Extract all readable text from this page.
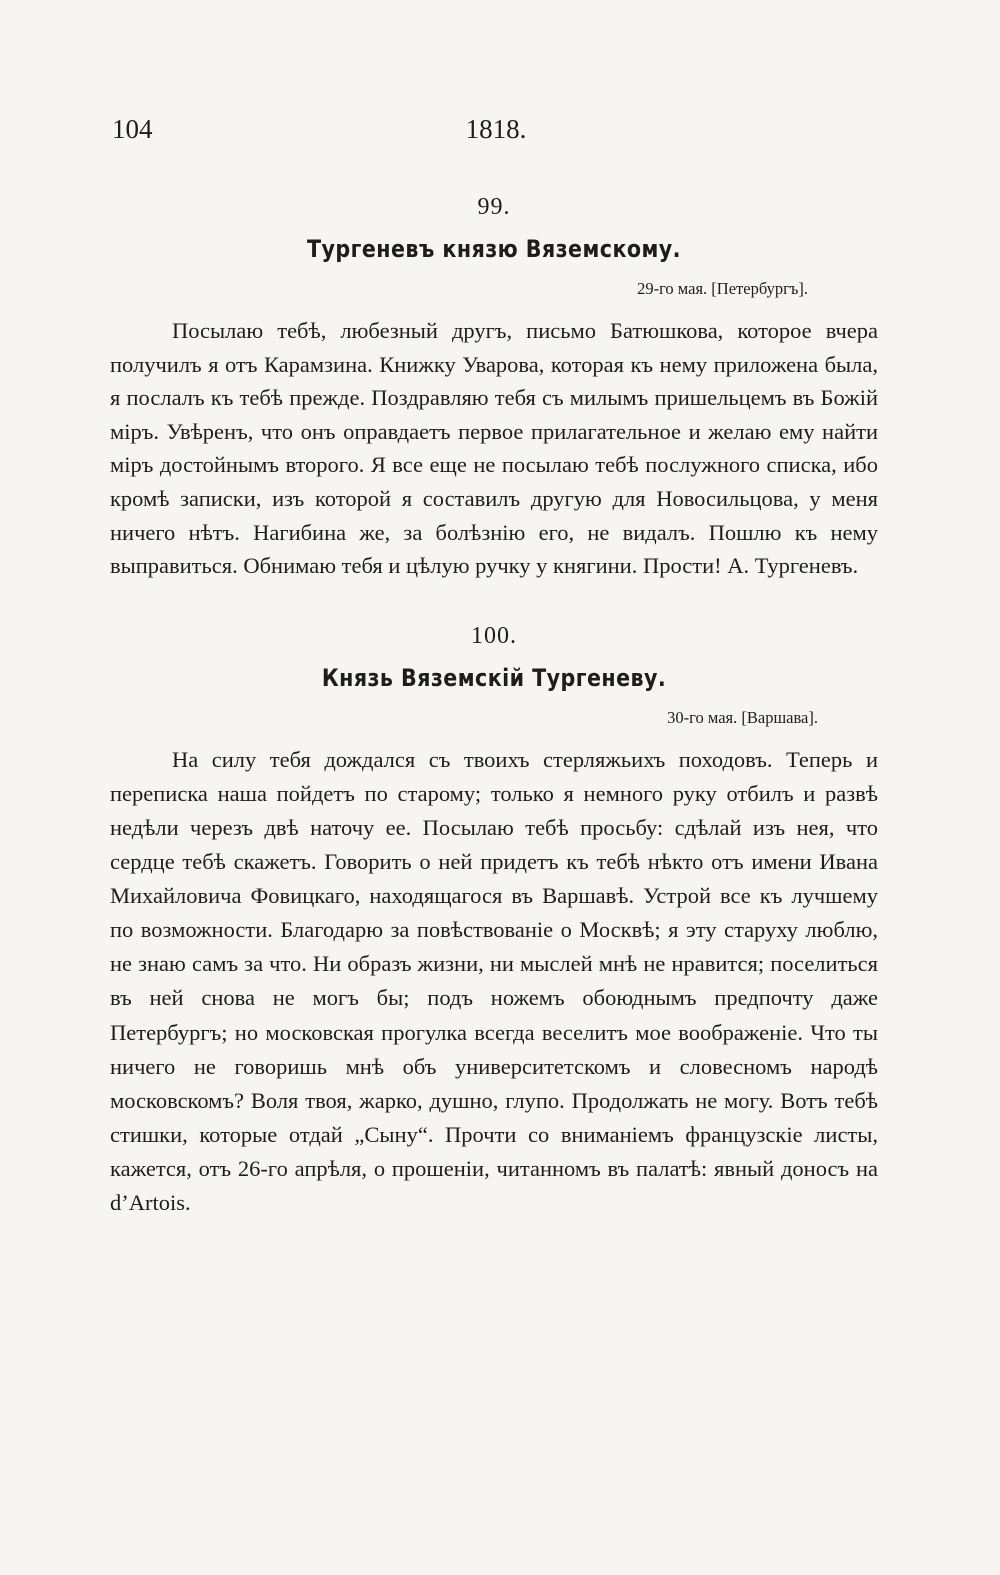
104	1818.
99.
Тургеневъ князю Вяземскому.
29-го мая. [Петербургъ].

Посылаю тебѣ, любезный другъ, письмо Батюшкова, которое вчера получилъ я отъ Карамзина. Книжку Уварова, которая къ нему приложена была, я послалъ къ тебѣ прежде. Поздравляю тебя съ милымъ пришельцемъ въ Божій міръ. Увѣренъ, что онъ оправдаетъ первое прилагательное и желаю ему найти міръ достойнымъ второго. Я все еще не посылаю тебѣ послужного списка, ибо кромѣ записки, изъ которой я составилъ другую для Новосильцова, у меня ничего нѣтъ. Нагибина же, за болѣзнію его, не видалъ. Пошлю къ нему выправиться. Обнимаю тебя и цѣлую ручку у княгини. Прости! А. Тургеневъ.

100.
Князь Вяземскій Тургеневу.
30-го мая. [Варшава].

На силу тебя дождался съ твоихъ стерляжьихъ походовъ. Теперь и переписка наша пойдетъ по старому; только я немного руку отбилъ и развѣ недѣли черезъ двѣ наточу ее. Посылаю тебѣ просьбу: сдѣлай изъ нея, что сердце тебѣ скажетъ. Говорить о ней придетъ къ тебѣ нѣкто отъ имени Ивана Михайловича Фовицкаго, находящагося въ Варшавѣ. Устрой все къ лучшему по возможности. Благодарю за повѣствованіе о Москвѣ; я эту старуху люблю, не знаю самъ за что. Ни образъ жизни, ни мыслей мнѣ не нравится; поселиться въ ней снова не могъ бы; подъ ножемъ обоюднымъ предпочту даже Петербургъ; но московская прогулка всегда веселитъ мое воображеніе. Что ты ничего не говоришь мнѣ объ университетскомъ и словесномъ народѣ московскомъ? Воля твоя, жарко, душно, глупо. Продолжать не могу. Вотъ тебѣ стишки, которые отдай „Сыну“. Прочти со вниманіемъ французскіе листы, кажется, отъ 26-го апрѣля, о прошеніи, читанномъ въ палатѣ: явный доносъ на d’Artois.
